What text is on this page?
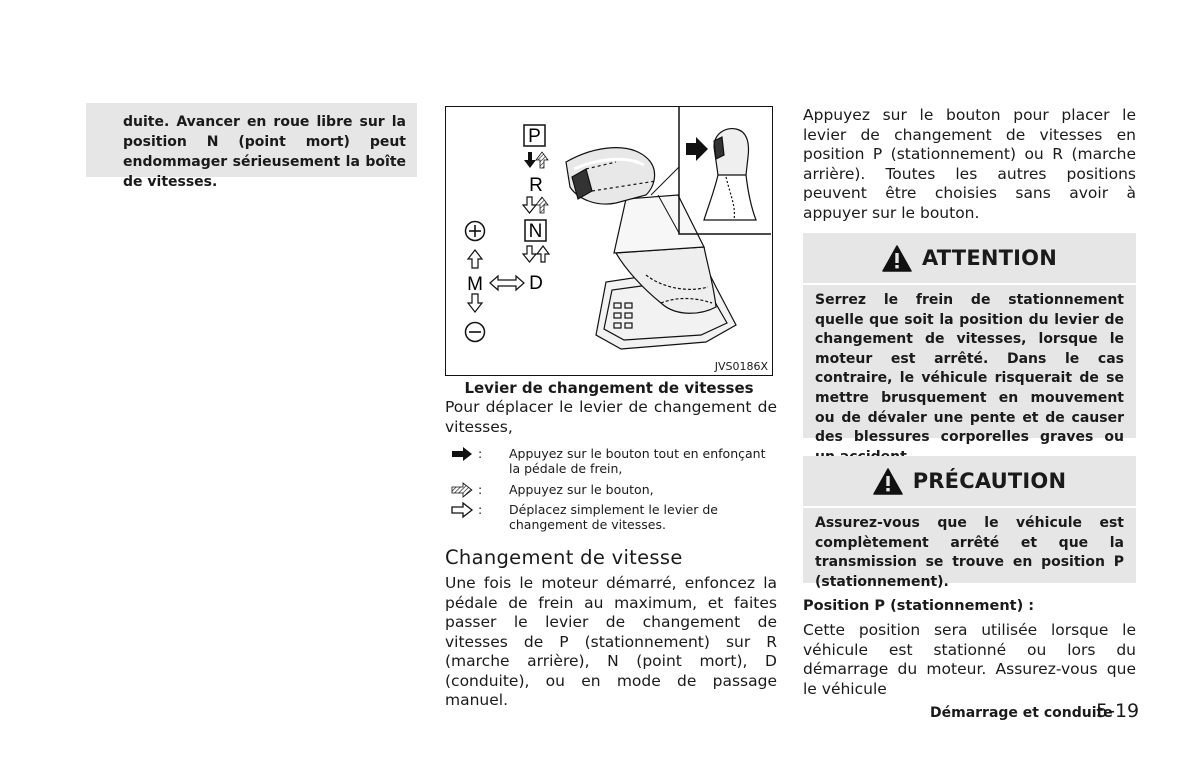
duite. Avancer en roue libre sur la position N (point mort) peut endommager sérieusement la boîte de vitesses.

P
R
N
D
M
JVS0186X
Levier de changement de vitesses
Pour déplacer le levier de changement de vitesses,
: Appuyez sur le bouton tout en enfonçant la pédale de frein,
: Appuyez sur le bouton,
: Déplacez simplement le levier de changement de vitesses.
Changement de vitesse
Une fois le moteur démarré, enfoncez la pédale de frein au maximum, et faites passer le levier de changement de vitesses de P (stationnement) sur R (marche arrière), N (point mort), D (conduite), ou en mode de passage manuel.
Appuyez sur le bouton pour placer le levier de changement de vitesses en position P (stationnement) ou R (marche arrière). Toutes les autres positions peuvent être choisies sans avoir à appuyer sur le bouton.
ATTENTION
Serrez le frein de stationnement quelle que soit la position du levier de changement de vitesses, lorsque le moteur est arrêté. Dans le cas contraire, le véhicule risquerait de se mettre brusquement en mouvement ou de dévaler une pente et de causer des blessures corporelles graves ou
PRÉCAUTION
Assurez-vous que le véhicule est complètement arrêté et que la transmission se trouve en position P (stationnement).
Position P (stationnement) :
Cette position sera utilisée lorsque le véhicule est stationné ou lors du démarrage du moteur. Assurez-vous que le véhicule
Démarrage et conduite
5-19
